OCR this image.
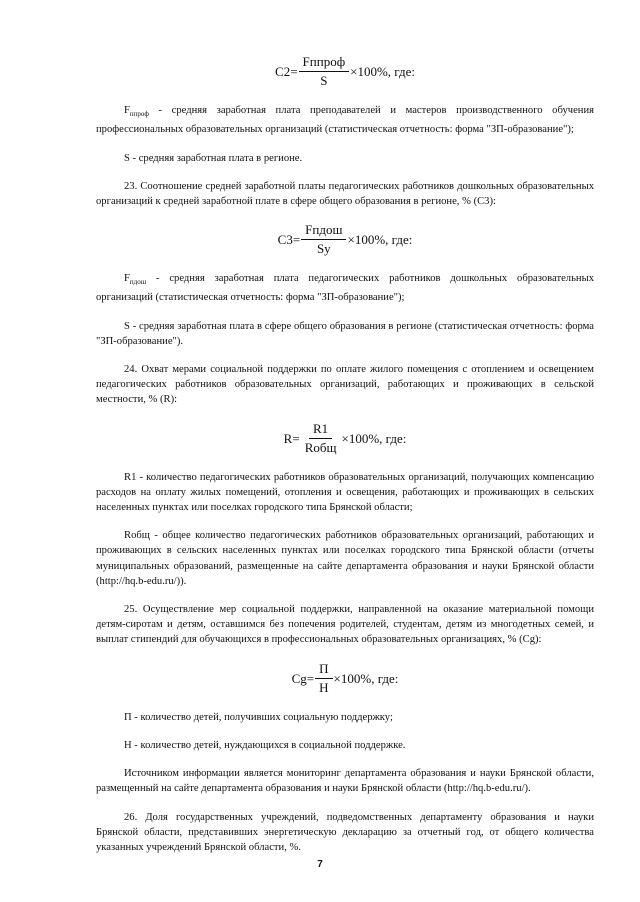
$C2= \frac{\text{Fппроф}}{S} \times 100\%$, где:

$F_{ппроф}$ - средняя заработная плата преподавателей и мастеров производственного обучения профессиональных образовательных организаций (статистическая отчетность: форма "ЗП-образование");

S - средняя заработная плата в регионе.

23. Соотношение средней заработной платы педагогических работников дошкольных образовательных организаций к средней заработной плате в сфере общего образования в регионе, % (С3):

$C3= \frac{\text{Fпдош}}{Sу} \times 100\%$, где:

$F_{пдош}$ - средняя заработная плата педагогических работников дошкольных образовательных организаций (статистическая отчетность: форма "ЗП-образование");

S - средняя заработная плата в сфере общего образования в регионе (статистическая отчетность: форма "ЗП-образование").

24. Охват мерами социальной поддержки по оплате жилого помещения с отоплением и освещением педагогических работников образовательных организаций, работающих и проживающих в сельской местности, % (R):

$R= \frac{R1}{\text{Rобщ}} \times 100\%$, где:

R1 - количество педагогических работников образовательных организаций, получающих компенсацию расходов на оплату жилых помещений, отопления и освещения, работающих и проживающих в сельских населенных пунктах или поселках городского типа Брянской области;

Rобщ - общее количество педагогических работников образовательных организаций, работающих и проживающих в сельских населенных пунктах или поселках городского типа Брянской области (отчеты муниципальных образований, размещенные на сайте департамента образования и науки Брянской области (http://hq.b-edu.ru/)).

25. Осуществление мер социальной поддержки, направленной на оказание материальной помощи детям-сиротам и детям, оставшимся без попечения родителей, студентам, детям из многодетных семей, и выплат стипендий для обучающихся в профессиональных образовательных организациях, % (Cg):

$Cg= \frac{П}{Н} \times 100\%$, где:

П - количество детей, получивших социальную поддержку;

Н - количество детей, нуждающихся в социальной поддержке.

Источником информации является мониторинг департамента образования и науки Брянской области, размещенный на сайте департамента образования и науки Брянской области (http://hq.b-edu.ru/).

26. Доля государственных учреждений, подведомственных департаменту образования и науки Брянской области, представивших энергетическую декларацию за отчетный год, от общего количества указанных учреждений Брянской области, %.

7
